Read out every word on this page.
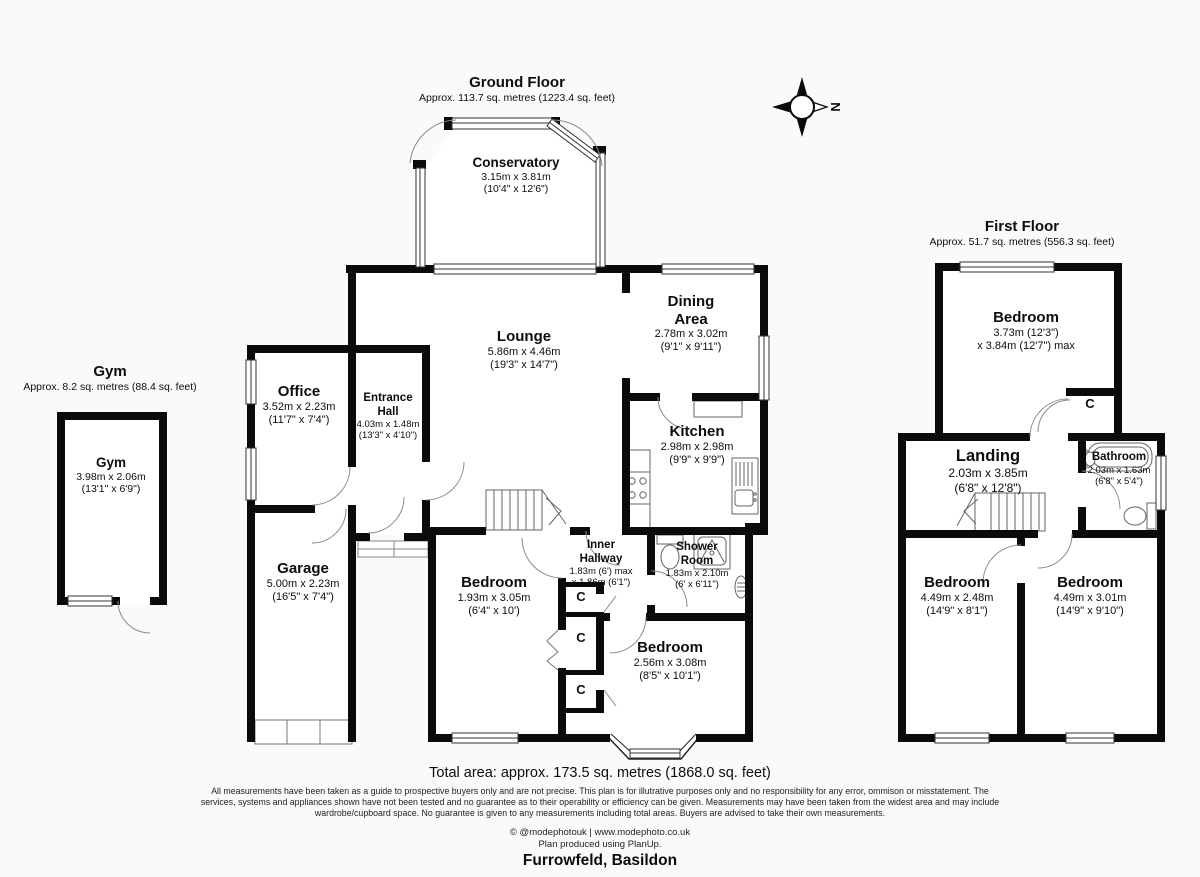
N
Ground Floor
Approx. 113.7 sq. metres (1223.4 sq. feet)
First Floor
Approx. 51.7 sq. metres (556.3 sq. feet)
Gym
Approx. 8.2 sq. metres (88.4 sq. feet)
Conservatory
3.15m x 3.81m
(10'4" x 12'6")
Lounge
5.86m x 4.46m
(19'3" x 14'7")
Dining
Area
2.78m x 3.02m
(9'1" x 9'11")
Kitchen
2.98m x 2.98m
(9'9" x 9'9")
Office
3.52m x 2.23m
(11'7" x 7'4")
Entrance
Hall
4.03m x 1.48m
(13'3" x 4'10")
Garage
5.00m x 2.23m
(16'5" x 7'4")
Bedroom
1.93m x 3.05m
(6'4" x 10')
Inner
Hallway
1.83m (6') max
x 1.86m (6'1")
Shower
Room
1.83m x 2.10m
(6' x 6'11")
Bedroom
2.56m x 3.08m
(8'5" x 10'1")
Gym
3.98m x 2.06m
(13'1" x 6'9")
Bedroom
3.73m (12'3")
x 3.84m (12'7") max
Landing
2.03m x 3.85m
(6'8" x 12'8")
Bathroom
2.03m x 1.63m
(6'8" x 5'4")
Bedroom
4.49m x 2.48m
(14'9" x 8'1")
Bedroom
4.49m x 3.01m
(14'9" x 9'10")
C
C
C
C
Total area: approx. 173.5 sq. metres (1868.0 sq. feet)
All measurements have been taken as a guide to prospective buyers only and are not precise. This plan is for illutrative purposes only and no responsibility for any error, ommison or misstatement. The
services, systems and appliances shown have not been tested and no guarantee as to their operability or efficiency can be given. Measurements may have been taken from the widest area and may include
wardrobe/cupboard space. No guarantee is given to any measurements including total areas. Buyers are advised to take their own measurements.
© @modephotouk | www.modephoto.co.uk
Plan produced using PlanUp.
Furrowfeld, Basildon
